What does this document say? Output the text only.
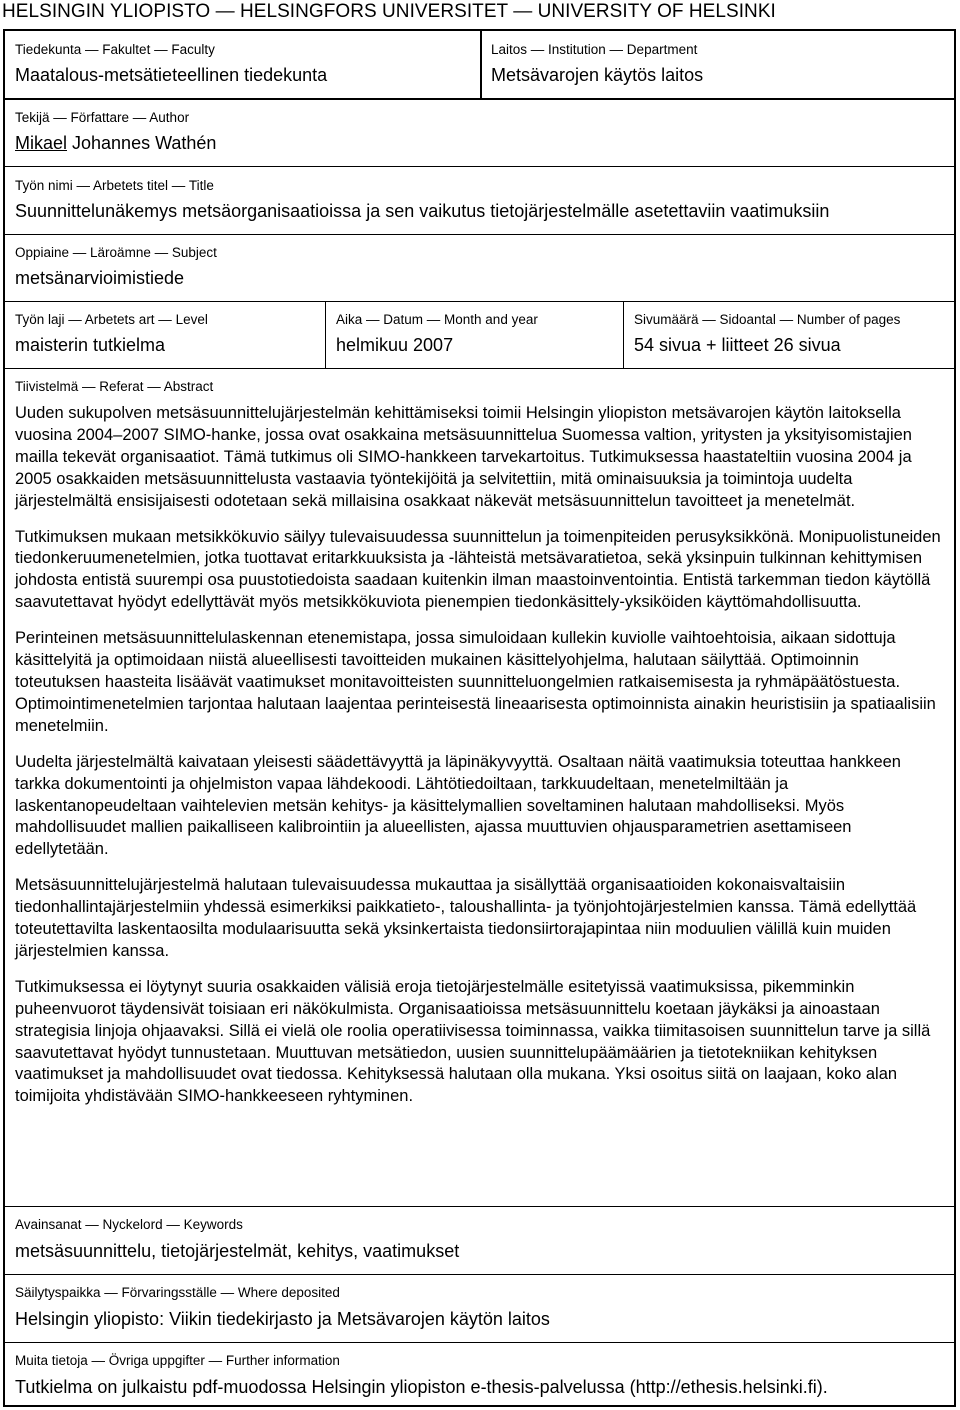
HELSINGIN YLIOPISTO — HELSINGFORS UNIVERSITET — UNIVERSITY OF HELSINKI
Tiedekunta — Fakultet — Faculty
Maatalous-metsätieteellinen tiedekunta
Laitos — Institution — Department
Metsävarojen käytös laitos
Tekijä — Författare — Author
Mikael Johannes Wathén
Työn nimi — Arbetets titel — Title
Suunnittelunäkemys metsäorganisaatioissa ja sen vaikutus tietojärjestelmälle asetettaviin vaatimuksiin
Oppiaine — Läroämne — Subject
metsänarvioimistiede
Työn laji — Arbetets art — Level
maisterin tutkielma
Aika — Datum — Month and year
helmikuu 2007
Sivumäärä — Sidoantal — Number of pages
54 sivua + liitteet 26 sivua
Tiivistelmä — Referat — Abstract

Uuden sukupolven metsäsuunnittelujärjestelmän kehittämiseksi toimii Helsingin yliopiston metsävarojen käytön laitoksella vuosina 2004–2007 SIMO-hanke, jossa ovat osakkaina metsäsuunnittelua Suomessa valtion, yritysten ja yksityisomistajien mailla tekevät organisaatiot. Tämä tutkimus oli SIMO-hankkeen tarvekartoitus. Tutkimuksessa haastateltiin vuosina 2004 ja 2005 osakkaiden metsäsuunnittelusta vastaavia työntekijöitä ja selvitettiin, mitä ominaisuuksia ja toimintoja uudelta järjestelmältä ensisijaisesti odotetaan sekä millaisina osakkaat näkevät metsäsuunnittelun tavoitteet ja menetelmät.

Tutkimuksen mukaan metsikkökuvio säilyy tulevaisuudessa suunnittelun ja toimenpiteiden perusyksikkönä. Monipuolistuneiden tiedonkeruumenetelmien, jotka tuottavat eritarkkuuksista ja -lähteistä metsävaratietoa, sekä yksinpuin tulkinnan kehittymisen johdosta entistä suurempi osa puustotiedoista saadaan kuitenkin ilman maastoinventointia. Entistä tarkemman tiedon käytöllä saavutettavat hyödyt edellyttävät myös metsikkökuviota pienempien tiedonkäsittely-yksiköiden käyttömahdollisuutta.

Perinteinen metsäsuunnittelulaskennan etenemistapa, jossa simuloidaan kullekin kuviolle vaihtoehtoisia, aikaan sidottuja käsittelyitä ja optimoidaan niistä alueellisesti tavoitteiden mukainen käsittelyohjelma, halutaan säilyttää. Optimoinnin toteutuksen haasteita lisäävät vaatimukset monitavoitteisten suunnitteluongelmien ratkaisemisesta ja ryhmäpäätöstuesta. Optimointimenetelmien tarjontaa halutaan laajentaa perinteisestä lineaarisesta optimoinnista ainakin heuristisiin ja spatiaalisiin menetelmiin.

Uudelta järjestelmältä kaivataan yleisesti säädettävyyttä ja läpinäkyvyyttä. Osaltaan näitä vaatimuksia toteuttaa hankkeen tarkka dokumentointi ja ohjelmiston vapaa lähdekoodi. Lähtötiedoiltaan, tarkkuudeltaan, menetelmiltään ja laskentanopeudeltaan vaihtelevien metsän kehitys- ja käsittelymallien soveltaminen halutaan mahdolliseksi. Myös mahdollisuudet mallien paikalliseen kalibrointiin ja alueellisten, ajassa muuttuvien ohjausparametrien asettamiseen edellytetään.

Metsäsuunnittelujärjestelmä halutaan tulevaisuudessa mukauttaa ja sisällyttää organisaatioiden kokonaisvaltaisiin tiedonhallintajärjestelmiin yhdessä esimerkiksi paikkatieto-, taloushallinta- ja työnjohtojärjestelmien kanssa. Tämä edellyttää toteutettavilta laskentaosilta modulaarisuutta sekä yksinkertaista tiedonsiirtorajapintaa niin moduulien välillä kuin muiden järjestelmien kanssa.

Tutkimuksessa ei löytynyt suuria osakkaiden välisiä eroja tietojärjestelmälle esitetyissä vaatimuksissa, pikemminkin puheenvuorot täydensivät toisiaan eri näkökulmista. Organisaatioissa metsäsuunnittelu koetaan jäykäksi ja ainoastaan strategisia linjoja ohjaavaksi. Sillä ei vielä ole roolia operatiivisessa toiminnassa, vaikka tiimitasoisen suunnittelun tarve ja sillä saavutettavat hyödyt tunnustetaan. Muuttuvan metsätiedon, uusien suunnittelupäämäärien ja tietotekniikan kehityksen vaatimukset ja mahdollisuudet ovat tiedossa. Kehityksessä halutaan olla mukana. Yksi osoitus siitä on laajaan, koko alan toimijoita yhdistävään SIMO-hankkeeseen ryhtyminen.

Avainsanat — Nyckelord — Keywords
metsäsuunnittelu, tietojärjestelmät, kehitys, vaatimukset
Säilytyspaikka — Förvaringsställe — Where deposited
Helsingin yliopisto: Viikin tiedekirjasto ja Metsävarojen käytön laitos
Muita tietoja — Övriga uppgifter — Further information
Tutkielma on julkaistu pdf-muodossa Helsingin yliopiston e-thesis-palvelussa (http://ethesis.helsinki.fi).
